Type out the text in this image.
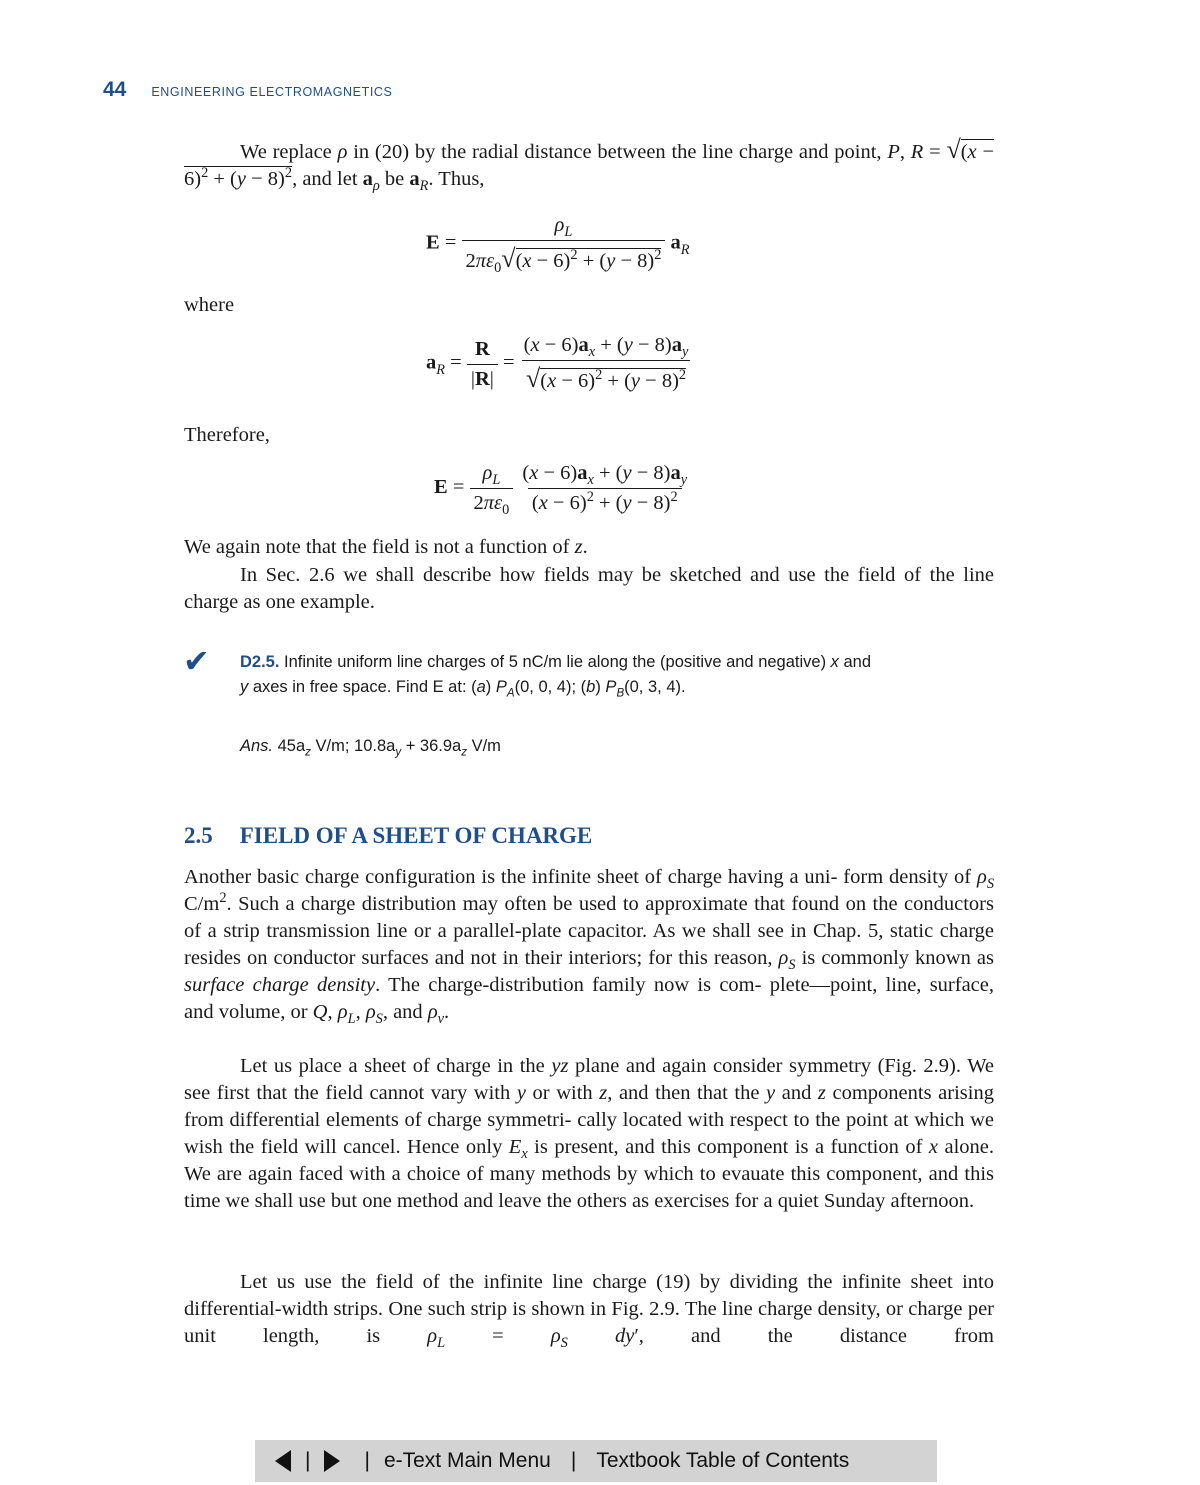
44 ENGINEERING ELECTROMAGNETICS
We replace ρ in (20) by the radial distance between the line charge and point, P, $R = √(x - 6)^2 + (y - 8)^2$, and let $a_\rho$ be $a_R$. Thus,
$E = \frac{\rho_L}{2\pi\varepsilon_0√(x - 6)^2 + (y - 8)^2} a_R$
where
$a_R = \frac{R}{|R|} = \frac{(x - 6)a_x + (y - 8)a_y}{√(x - 6)^2 + (y - 8)^2}$
Therefore,
$E = \frac{\rho_L}{2\pi\varepsilon_0}$
$\frac{(x - 6)a_x + (y - 8)a_y}{(x - 6)^2 + (y - 8)^2}$
We again note that the field is not a function of z.
In Sec. 2.6 we shall describe how fields may be sketched and use the field of the line charge as one example.
✔ D2.5. Infinite uniform line charges of 5 nC/m lie along the (positive and negative) x and
y axes in free space. Find E at: (a) $P_A(0$, 0, 4); (b) $P_B(0$, 3, 4).
Ans. $45a_z$ V/m; $10.8a_y + 36.9a_z$ V/m
2.5 FIELD OF A SHEET OF CHARGE
Another basic charge configuration is the infinite sheet of charge having a uni- form density of $\rho_S$ $C/m^2$. Such a charge distribution may often be used to approximate that found on the conductors of a strip transmission line or a parallel-plate capacitor. As we shall see in Chap. 5, static charge resides on conductor surfaces and not in their interiors; for this reason, $\rho_S$ is commonly known as surface charge density. The charge-distribution family now is com- plete—point, line, surface, and volume, or Q, $\rho_L$, $\rho_S$, and $\rho_\nu$.
Let us place a sheet of charge in the yz plane and again consider symmetry (Fig. 2.9). We see first that the field cannot vary with y or with z, and then that the y and z components arising from differential elements of charge symmetri- cally located with respect to the point at which we wish the field will cancel. Hence only $E_x$ is present, and this component is a function of x alone. We are again faced with a choice of many methods by which to evauate this component, and this time we shall use but one method and leave the others as exercises for a quiet Sunday afternoon.
Let us use the field of the infinite line charge (19) by dividing the infinite sheet into differential-width strips. One such strip is shown in Fig. 2.9. The line charge density, or charge per unit length, is $\rho_L = \rho_S$ dy′, and the distance from
|	| e-Text Main Menu | Textbook Table of Contents
